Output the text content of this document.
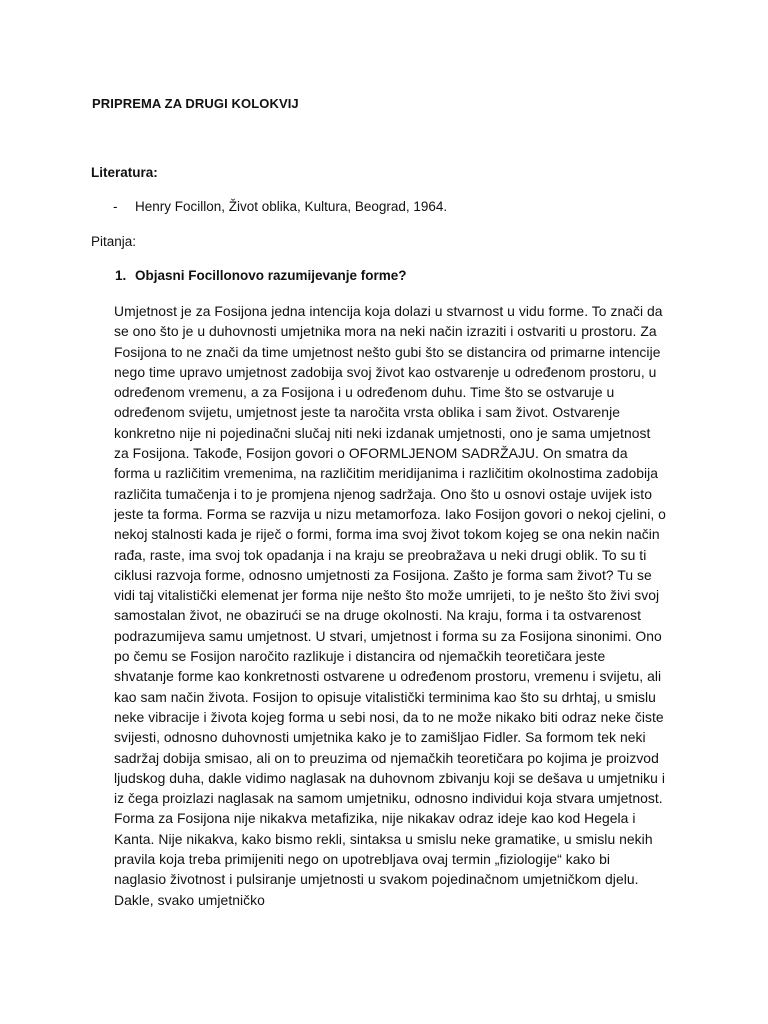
PRIPREMA ZA DRUGI KOLOKVIJ
Literatura:
- Henry Focillon, Život oblika, Kultura, Beograd, 1964.
Pitanja:
1. Objasni Focillonovo razumijevanje forme?
Umjetnost je za Fosijona jedna intencija koja dolazi u stvarnost u vidu forme. To znači da se ono što je u duhovnosti umjetnika mora na neki način izraziti i ostvariti u prostoru. Za Fosijona to ne znači da time umjetnost nešto gubi što se distancira od primarne intencije nego time upravo umjetnost zadobija svoj život kao ostvarenje u određenom prostoru, u određenom vremenu, a za Fosijona i u određenom duhu. Time što se ostvaruje u određenom svijetu, umjetnost jeste ta naročita vrsta oblika i sam život. Ostvarenje konkretno nije ni pojedinačni slučaj niti neki izdanak umjetnosti, ono je sama umjetnost za Fosijona. Takođe, Fosijon govori o OFORMLJENOM SADRŽAJU. On smatra da forma u različitim vremenima, na različitim meridijanima i različitim okolnostima zadobija različita tumačenja i to je promjena njenog sadržaja. Ono što u osnovi ostaje uvijek isto jeste ta forma. Forma se razvija u nizu metamorfoza. Iako Fosijon govori o nekoj cjelini, o nekoj stalnosti kada je riječ o formi, forma ima svoj život tokom kojeg se ona nekin način rađa, raste, ima svoj tok opadanja i na kraju se preobražava u neki drugi oblik. To su ti ciklusi razvoja forme, odnosno umjetnosti za Fosijona. Zašto je forma sam život? Tu se vidi taj vitalistički elemenat jer forma nije nešto što može umrijeti, to je nešto što živi svoj samostalan život, ne obazirući se na druge okolnosti. Na kraju, forma i ta ostvarenost podrazumijeva samu umjetnost. U stvari, umjetnost i forma su za Fosijona sinonimi. Ono po čemu se Fosijon naročito razlikuje i distancira od njemačkih teoretičara jeste shvatanje forme kao konkretnosti ostvarene u određenom prostoru, vremenu i svijetu, ali kao sam način života. Fosijon to opisuje vitalistički terminima kao što su drhtaj, u smislu neke vibracije i života kojeg forma u sebi nosi, da to ne može nikako biti odraz neke čiste svijesti, odnosno duhovnosti umjetnika kako je to zamišljao Fidler. Sa formom tek neki sadržaj dobija smisao, ali on to preuzima od njemačkih teoretičara po kojima je proizvod ljudskog duha, dakle vidimo naglasak na duhovnom zbivanju koji se dešava u umjetniku i iz čega proizlazi naglasak na samom umjetniku, odnosno individui koja stvara umjetnost. Forma za Fosijona nije nikakva metafizika, nije nikakav odraz ideje kao kod Hegela i Kanta. Nije nikakva, kako bismo rekli, sintaksa u smislu neke gramatike, u smislu nekih pravila koja treba primijeniti nego on upotrebljava ovaj termin „fiziologije“ kako bi naglasio životnost i pulsiranje umjetnosti u svakom pojedinačnom umjetničkom djelu. Dakle, svako umjetničko
